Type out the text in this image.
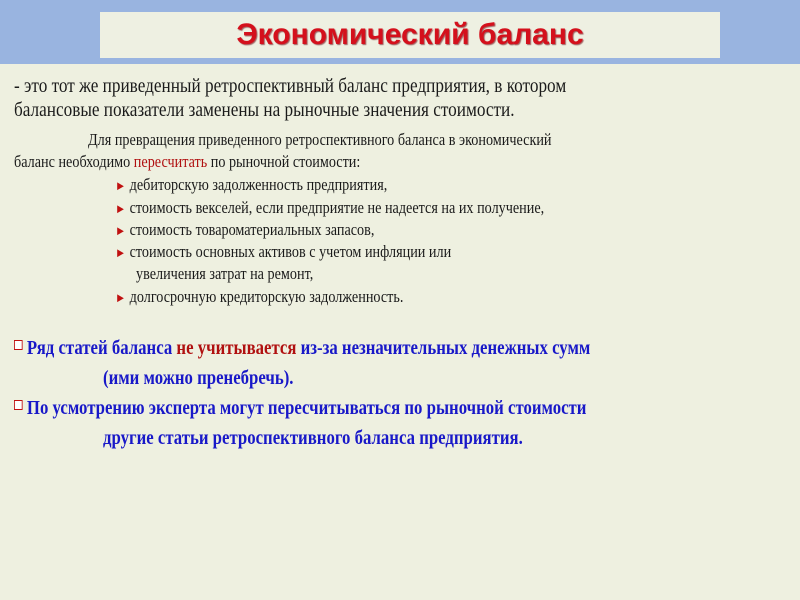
Экономический баланс
- это тот же приведенный ретроспективный баланс предприятия, в котором
балансовые показатели заменены на рыночные значения стоимости.
Для превращения приведенного ретроспективного баланса в экономический
баланс необходимо пересчитать по рыночной стоимости:
► дебиторскую задолженность предприятия,
► стоимость векселей, если предприятие не надеется на их получение,
► стоимость товароматериальных запасов,
► стоимость основных активов с учетом инфляции или
увеличения затрат на ремонт,
► долгосрочную кредиторскую задолженность.
Ряд статей баланса не учитывается из-за незначительных денежных сумм
(ими можно пренебречь).
По усмотрению эксперта могут пересчитываться по рыночной стоимости
другие статьи ретроспективного баланса предприятия.
